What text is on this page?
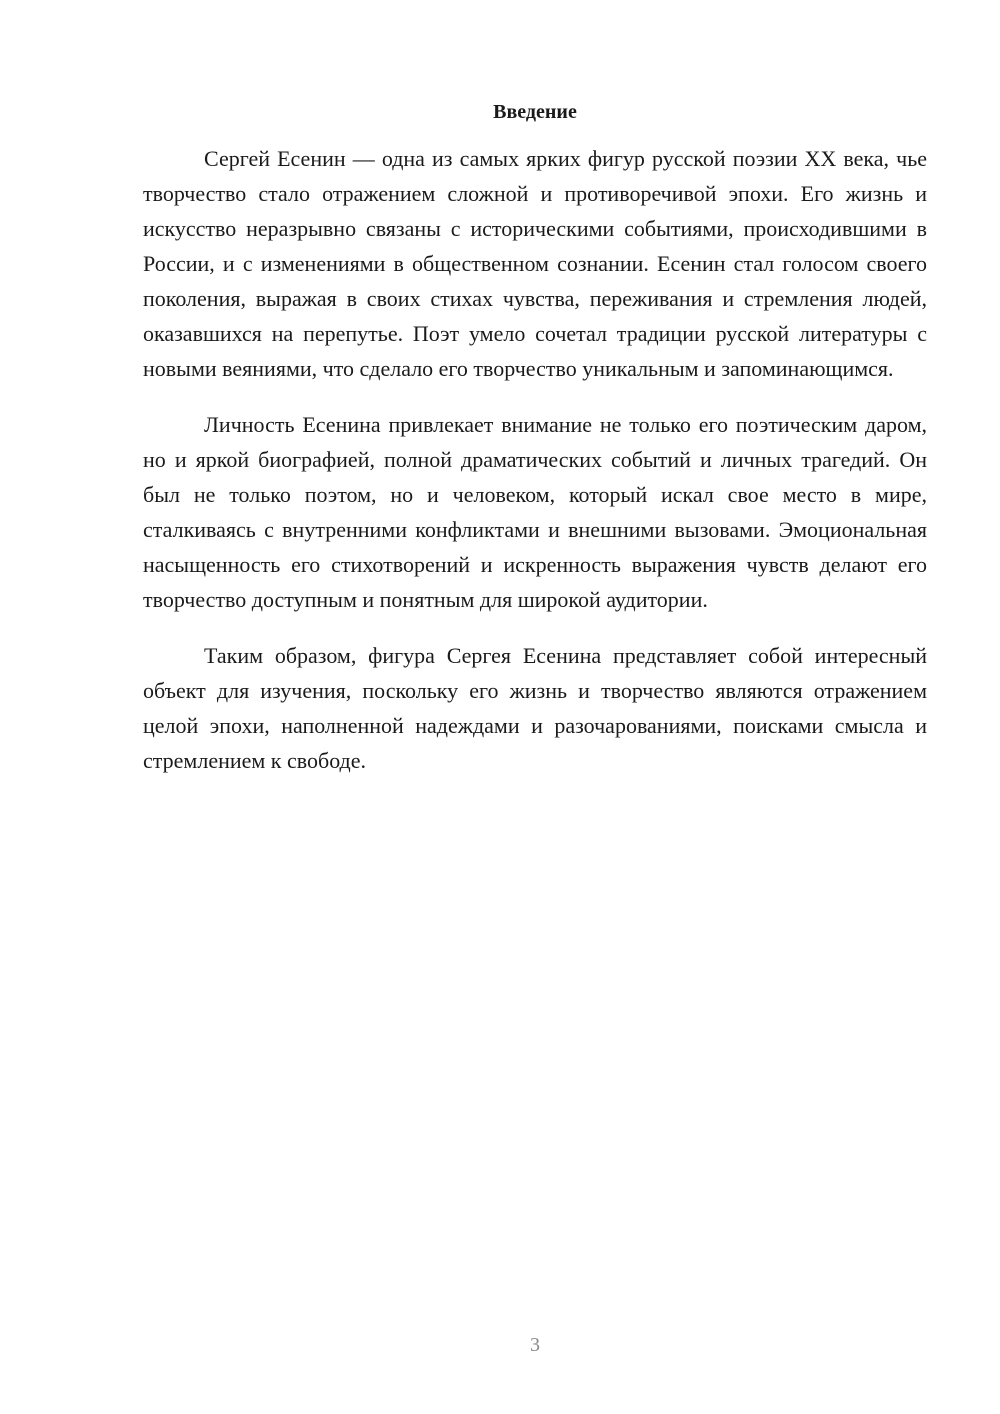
Введение

Сергей Есенин — одна из самых ярких фигур русской поэзии XX века, чье творчество стало отражением сложной и противоречивой эпохи. Его жизнь и искусство неразрывно связаны с историческими событиями, происходившими в России, и с изменениями в общественном сознании. Есенин стал голосом своего поколения, выражая в своих стихах чувства, переживания и стремления людей, оказавшихся на перепутье. Поэт умело сочетал традиции русской литературы с новыми веяниями, что сделало его творчество уникальным и запоминающимся.

Личность Есенина привлекает внимание не только его поэтическим даром, но и яркой биографией, полной драматических событий и личных трагедий. Он был не только поэтом, но и человеком, который искал свое место в мире, сталкиваясь с внутренними конфликтами и внешними вызовами. Эмоциональная насыщенность его стихотворений и искренность выражения чувств делают его творчество доступным и понятным для широкой аудитории.

Таким образом, фигура Сергея Есенина представляет собой интересный объект для изучения, поскольку его жизнь и творчество являются отражением целой эпохи, наполненной надеждами и разочарованиями, поисками смысла и стремлением к свободе.

3
